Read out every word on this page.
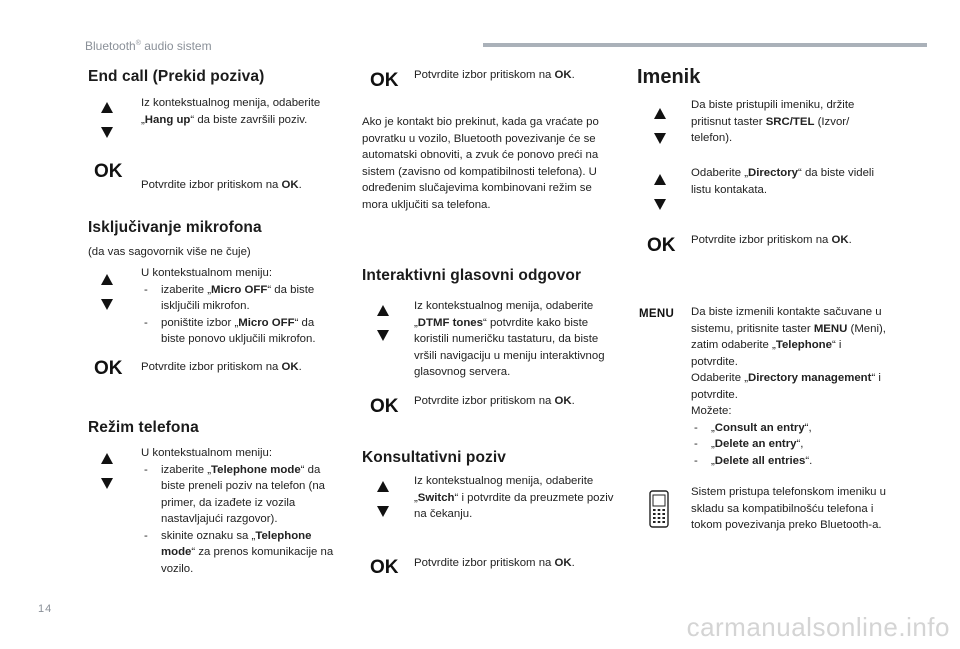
Bluetooth® audio sistem
End call (Prekid poziva)
Iz kontekstualnog menija, odaberite „Hang up“ da biste završili poziv.
OK
Potvrdite izbor pritiskom na OK.
Isključivanje mikrofona
(da vas sagovornik više ne čuje)
U kontekstualnom meniju:
- izaberite „Micro OFF“ da biste isključili mikrofon.
- poništite izbor „Micro OFF“ da biste ponovo uključili mikrofon.
OK Potvrdite izbor pritiskom na OK.
Režim telefona
U kontekstualnom meniju:
- izaberite „Telephone mode“ da biste preneli poziv na telefon (na primer, da izađete iz vozila nastavljajući razgovor).
- skinite oznaku sa „Telephone mode“ za prenos komunikacije na vozilo.
OK Potvrdite izbor pritiskom na OK.
Ako je kontakt bio prekinut, kada ga vraćate po povratku u vozilo, Bluetooth povezivanje će se automatski obnoviti, a zvuk će ponovo preći na sistem (zavisno od kompatibilnosti telefona). U određenim slučajevima kombinovani režim se mora uključiti sa telefona.
Interaktivni glasovni odgovor
Iz kontekstualnog menija, odaberite „DTMF tones“ potvrdite kako biste koristili numeričku tastaturu, da biste vršili navigaciju u meniju interaktivnog glasovnog servera.
OK Potvrdite izbor pritiskom na OK.
Konsultativni poziv
Iz kontekstualnog menija, odaberite „Switch“ i potvrdite da preuzmete poziv na čekanju.
OK Potvrdite izbor pritiskom na OK.
Imenik
Da biste pristupili imeniku, držite pritisnut taster SRC/TEL (Izvor/ telefon).
Odaberite „Directory“ da biste videli listu kontakata.
OK Potvrdite izbor pritiskom na OK.
MENU Da biste izmenili kontakte sačuvane u sistemu, pritisnite taster MENU (Meni), zatim odaberite „Telephone“ i potvrdite.
Odaberite „Directory management“ i potvrdite.
Možete:
- „Consult an entry“,
- „Delete an entry“,
- „Delete all entries“.
Sistem pristupa telefonskom imeniku u skladu sa kompatibilnošću telefona i tokom povezivanja preko Bluetooth-a.
14
carmanualsonline.info
